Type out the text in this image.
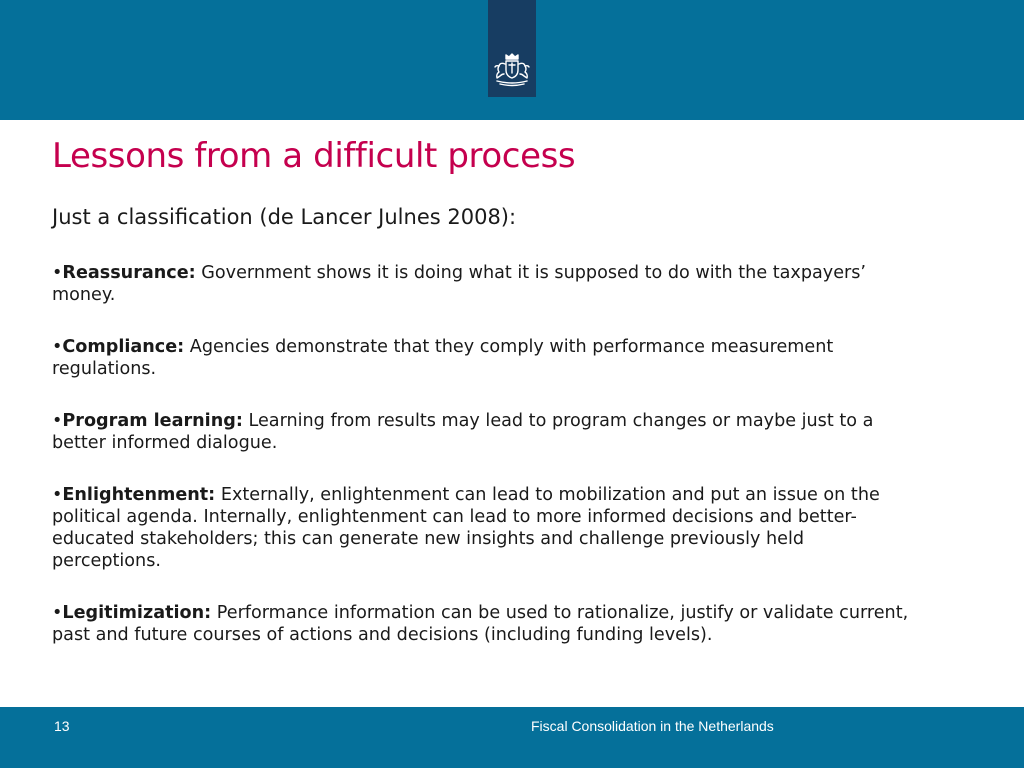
Lessons from a difficult process

Just a classification (de Lancer Julnes 2008):

•Reassurance: Government shows it is doing what it is supposed to do with the taxpayers’ money.
•Compliance: Agencies demonstrate that they comply with performance measurement regulations.
•Program learning: Learning from results may lead to program changes or maybe just to a better informed dialogue.
•Enlightenment: Externally, enlightenment can lead to mobilization and put an issue on the political agenda. Internally, enlightenment can lead to more informed decisions and better-educated stakeholders; this can generate new insights and challenge previously held perceptions.
•Legitimization: Performance information can be used to rationalize, justify or validate current, past and future courses of actions and decisions (including funding levels).
13	Fiscal Consolidation in the Netherlands
